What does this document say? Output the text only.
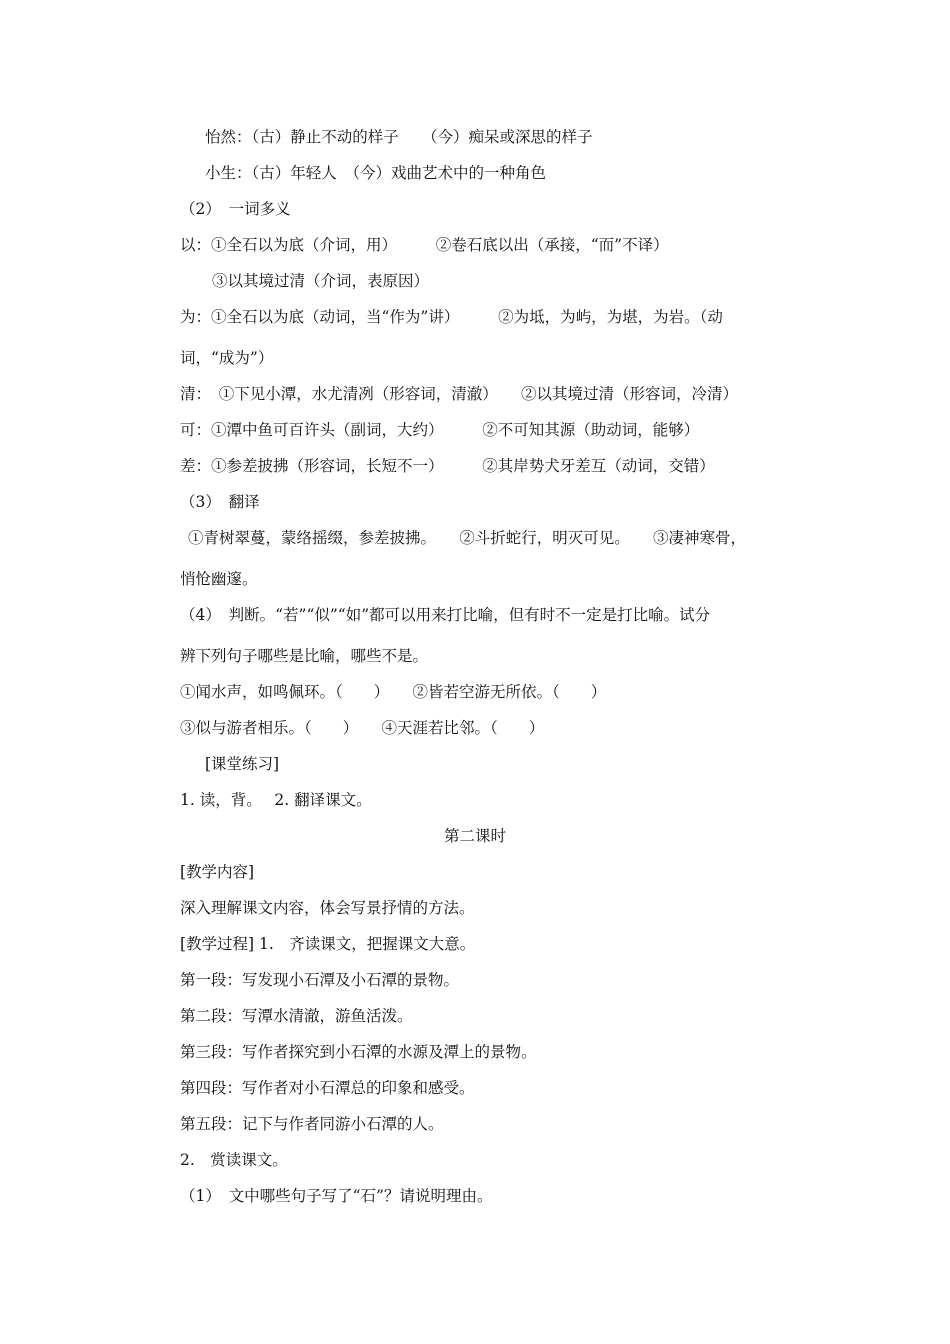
怡然：（古）静止不动的样子　　（今）痴呆或深思的样子
小生：（古）年轻人　（今）戏曲艺术中的一种角色
（2）　一词多义
以：①全石以为底（介词，用）　　　②卷石底以出（承接，“而”不译）
③以其境过清（介词，表原因）
为：①全石以为底（动词，当“作为”讲）　　　②为坻，为屿，为堪，为岩。（动
词，“成为”）
清：　①下见小潭，水尤清冽（形容词，清澈）　　②以其境过清（形容词，冷清）
可：①潭中鱼可百许头（副词，大约）　　　②不可知其源（助动词，能够）
差：①参差披拂（形容词，长短不一）　　　②其岸势犬牙差互（动词，交错）
（3）　翻译
①青树翠蔓，蒙络摇缀，参差披拂。　　②斗折蛇行，明灭可见。　　③凄神寒骨，
悄怆幽邃。
（4）　判断。“若”“似”“如”都可以用来打比喻，但有时不一定是打比喻。试分
辨下列句子哪些是比喻，哪些不是。
①闻水声，如鸣佩环。（　　）　　②皆若空游无所依。（　　）
③似与游者相乐。（　　）　　④天涯若比邻。（　　）
[课堂练习]
1. 读，背。　 2. 翻译课文。
第二课时
[教学内容]
深入理解课文内容，体会写景抒情的方法。
[教学过程] 1.　齐读课文，把握课文大意。
第一段：写发现小石潭及小石潭的景物。
第二段：写潭水清澈，游鱼活泼。
第三段：写作者探究到小石潭的水源及潭上的景物。
第四段：写作者对小石潭总的印象和感受。
第五段：记下与作者同游小石潭的人。
2.　赏读课文。
（1）　文中哪些句子写了“石”？请说明理由。
